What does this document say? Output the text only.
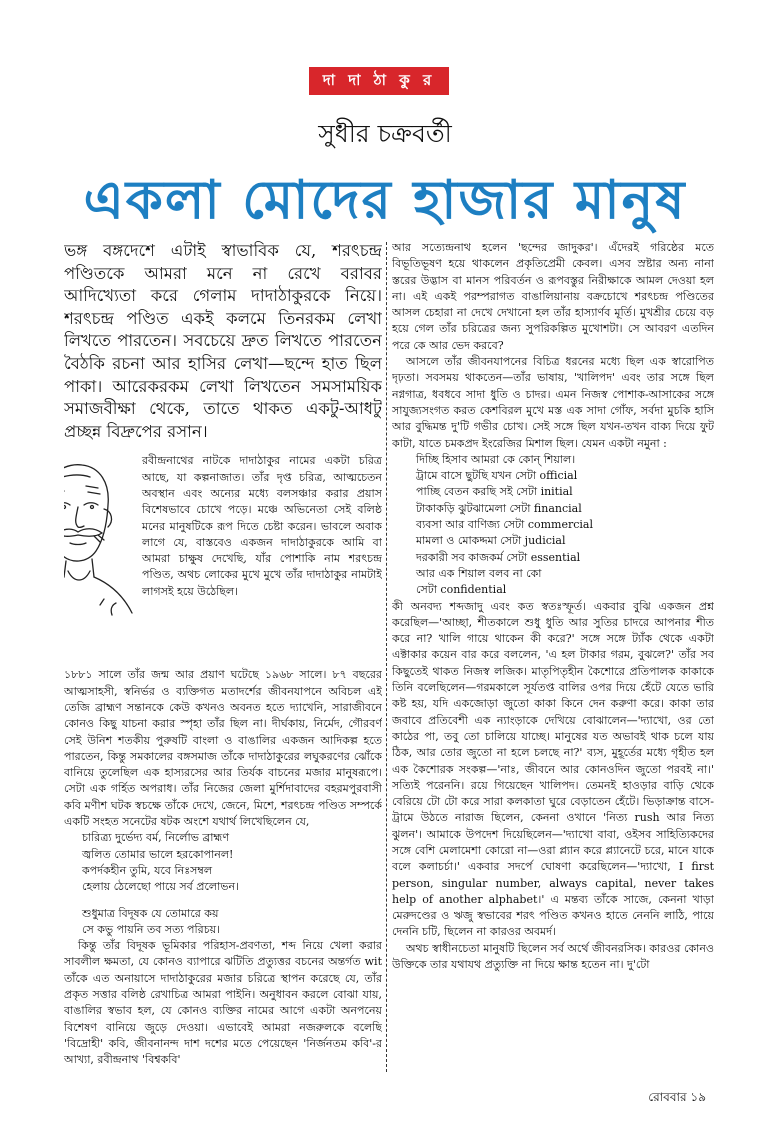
দা দা ঠা কু র
সুধীর চক্রবর্তী
একলা মোদের হাজার মানুষ

ভঙ্গ বঙ্গদেশে এটাই স্বাভাবিক যে, শরৎচন্দ্র পণ্ডিতকে আমরা মনে না রেখে বরাবর আদিখ্যেতা করে গেলাম দাদাঠাকুরকে নিয়ে। শরৎচন্দ্র পণ্ডিত একই কলমে তিনরকম লেখা লিখতে পারতেন। সবচেয়ে দ্রুত লিখতে পারতেন বৈঠকি রচনা আর হাসির লেখা—ছন্দে হাত ছিল পাকা। আরেকরকম লেখা লিখতেন সমসাময়িক সমাজবীক্ষা থেকে, তাতে থাকত একটু-আধটু প্রচ্ছন্ন বিদ্রুপের রসান।

রবীন্দ্রনাথের নাটকে দাদাঠাকুর নামের একটা চরিত্র আছে, যা কল্পনাজাত। তাঁর দৃপ্ত চরিত্র, আত্মচেতন অবস্থান এবং অন্যের মধ্যে বলসঞ্চার করার প্রয়াস বিশেষভাবে চোখে পড়ে। মঞ্চে অভিনেতা সেই বলিষ্ঠ মনের মানুষটিকে রূপ দিতে চেষ্টা করেন। ভাবলে অবাক লাগে যে, বাস্তবেও একজন দাদাঠাকুরকে আমি বা আমরা চাক্ষুষ দেখেছি, যাঁর পোশাকি নাম শরৎচন্দ্র পণ্ডিত, অথচ লোকের মুখে মুখে তাঁর দাদাঠাকুর নামটাই লাগসই হয়ে উঠেছিল।

১৮৮১ সালে তাঁর জন্ম আর প্রয়াণ ঘটেছে ১৯৬৮ সালে। ৮৭ বছরের আত্মসাহসী, স্বনির্ভর ও ব্যক্তিগত মতাদর্শের জীবনযাপনে অবিচল এই তেজি ব্রাহ্মণ সন্তানকে কেউ কখনও অবনত হতে দ্যাখেনি, সারাজীবনে কোনও কিছু যাচনা করার স্পৃহা তাঁর ছিল না। দীর্ঘকায়, নির্মেদ, গৌরবর্ণ সেই উনিশ শতকীয় পুরুষটি বাংলা ও বাঙালির একজন আদিকল্প হতে পারতেন, কিন্তু সমকালের বঙ্গসমাজ তাঁকে দাদাঠাকুরের লঘুকরণের ঝোঁকে বানিয়ে তুলেছিল এক হাস্যরসের আর তির্যক বাচনের মজার মানুষরূপে। সেটা এক গর্হিত অপরাধ। তাঁর নিজের জেলা মুর্শিদাবাদের বহরমপুরবাসী কবি মণীশ ঘটক স্বচক্ষে তাঁকে দেখে, জেনে, মিশে, শরৎচন্দ্র পণ্ডিত সম্পর্কে একটি সংহত সনেটের ষটক অংশে যথার্থ লিখেছিলেন যে,

চারিত্র্য দুর্ভেদ্য বর্ম, নির্লোভ ব্রাহ্মণ
জ্বলিত তোমার ভালে হরকোপানল!
কপর্দকহীন তুমি, যবে নিঃসম্বল
হেলায় ঠেলেছো পায়ে সর্ব প্রলোভন।
শুধুমাত্র বিদূষক যে তোমারে কয়
সে কভু পায়নি তব সত্য পরিচয়।

কিন্তু তাঁর বিদূষক ভূমিকার পরিহাস-প্রবণতা, শব্দ নিয়ে খেলা করার সাবলীল ক্ষমতা, যে কোনও ব্যাপারে ঝটিতি প্রত্যুত্তর বচনের অন্তর্গত wit তাঁকে এত অনায়াসে দাদাঠাকুরের মজার চরিত্রে স্থাপন করেছে যে, তাঁর প্রকৃত সত্তার বলিষ্ঠ রেখাচিত্র আমরা পাইনি। অনুধাবন করলে বোঝা যায়, বাঙালির স্বভাব হল, যে কোনও ব্যক্তির নামের আগে একটা অনপনেয় বিশেষণ বানিয়ে জুড়ে দেওয়া। এভাবেই আমরা নজরুলকে বলেছি 'বিদ্রোহী' কবি, জীবনানন্দ দাশ দশের মতে পেয়েছেন 'নির্জনতম কবি'-র আখ্যা, রবীন্দ্রনাথ 'বিশ্বকবি'

আর সত্যেন্দ্রনাথ হলেন 'ছন্দের জাদুকর'। এঁদেরই গরিষ্ঠের মতে বিভূতিভূষণ হয়ে থাকলেন প্রকৃতিপ্রেমী কেবল। এসব স্রষ্টার অন্য নানা স্তরের উদ্ভাস বা মানস পরিবর্তন ও রূপবস্তুর নিরীক্ষাকে আমল দেওয়া হল না। এই একই পরম্পরাগত বাঙালিয়ানায় বক্রচোখে শরৎচন্দ্র পণ্ডিতের আসল চেহারা না দেখে দেখানো হল তাঁর হাস্যার্ণব মূর্তি। মুখশ্রীর চেয়ে বড় হয়ে গেল তাঁর চরিত্রের জন্য সুপরিকল্পিত মুখোশটা। সে আবরণ এতদিন পরে কে আর ভেদ করবে?

আসলে তাঁর জীবনযাপনের বিচিত্র ধরনের মধ্যে ছিল এক স্বারোপিত দৃঢ়তা। সবসময় থাকতেন—তাঁর ভাষায়, 'খালিপদ' এবং তার সঙ্গে ছিল নগ্নগাত্র, ধবধবে সাদা ধুতি ও চাদর। এমন নিজস্ব পোশাক-আসাকের সঙ্গে সাযুজ্যসংগত করত কেশবিরল মুখে মস্ত এক সাদা গোঁফ, সর্বদা মুচকি হাসি আর বুদ্ধিমন্ত দু'টি গভীর চোখ। সেই সঙ্গে ছিল যখন-তখন বাক্য দিয়ে ফুট কাটা, যাতে চমকপ্রদ ইংরেজির মিশাল ছিল। যেমন একটা নমুনা :

দিচ্ছি হিসাব আমরা কে কোন্ শিয়াল।
ট্রামে বাসে ছুটছি যখন সেটা official
পাচ্ছি বেতন করছি সই সেটা initial
টাকাকড়ি ঝুটঝামেলা সেটা financial
ব্যবসা আর বাণিজ্য সেটা commercial
মামলা ও মোকদ্দমা সেটা judicial
দরকারী সব কাজকর্ম সেটা essential
আর এক শিয়াল বলব না কো
সেটা confidential

কী অনবদ্য শব্দজাদু এবং কত স্বতঃস্ফূর্ত। একবার বুঝি একজন প্রশ্ন করেছিল—'আচ্ছা, শীতকালে শুধু ধুতি আর সুতির চাদরে আপনার শীত করে না? খালি গায়ে থাকেন কী করে?' সঙ্গে সঙ্গে ট্যাঁক থেকে একটা এক্টাকার কয়েন বার করে বললেন, 'এ হল টাকার গরম, বুঝলে?' তাঁর সব কিছুতেই থাকত নিজস্ব লজিক। মাতৃপিতৃহীন কৈশোরে প্রতিপালক কাকাকে তিনি বলেছিলেন—গরমকালে সূর্যতপ্ত বালির ওপর দিয়ে হেঁটে যেতে ভারি কষ্ট হয়, যদি একজোড়া জুতো কাকা কিনে দেন করুণা করে। কাকা তার জবাবে প্রতিবেশী এক ন্যাংড়াকে দেখিয়ে বোঝালেন—'দ্যাখো, ওর তো কাঠের পা, তবু তো চালিয়ে যাচ্ছে। মানুষের যত অভাবই থাক চলে যায় ঠিক, আর তোর জুতো না হলে চলছে না?' ব্যস, মুহূর্তের মধ্যে গৃহীত হল এক কৈশোরক সংকল্প—'নাঃ, জীবনে আর কোনওদিন জুতো পরবই না।' সত্যিই পরেননি। রয়ে গিয়েছেন খালিপদ। তেমনই হাওড়ার বাড়ি থেকে বেরিয়ে টো টো করে সারা কলকাতা ঘুরে বেড়াতেন হেঁটে। ভিড়াক্রান্ত বাসে-ট্রামে উঠতে নারাজ ছিলেন, কেননা ওখানে 'নিত্য rush আর নিত্য ঝুলন'। আমাকে উপদেশ দিয়েছিলেন—'দ্যাখো বাবা, ওইসব সাহিত্যিকদের সঙ্গে বেশি মেলামেশা কোরো না—ওরা প্ল্যান করে প্ল্যানেটে চরে, মানে যাকে বলে কলাচর্চা।' একবার সদর্পে ঘোষণা করেছিলেন—'দ্যাখো, I first person, singular number, always capital, never takes help of another alphabet।' এ মন্তব্য তাঁকে সাজে, কেননা খাড়া মেরুদণ্ডের ও ঋজু স্বভাবের শরৎ পণ্ডিত কখনও হাতে নেননি লাঠি, পায়ে দেননি চটি, ছিলেন না কারওর অবমর্দ।

অথচ স্বাধীনচেতা মানুষটি ছিলেন সর্ব অর্থে জীবনরসিক। কারওর কোনও উক্তিকে তার যথাযথ প্রত্যুক্তি না দিয়ে ক্ষান্ত হতেন না। দু'টো

রোববার ১৯
